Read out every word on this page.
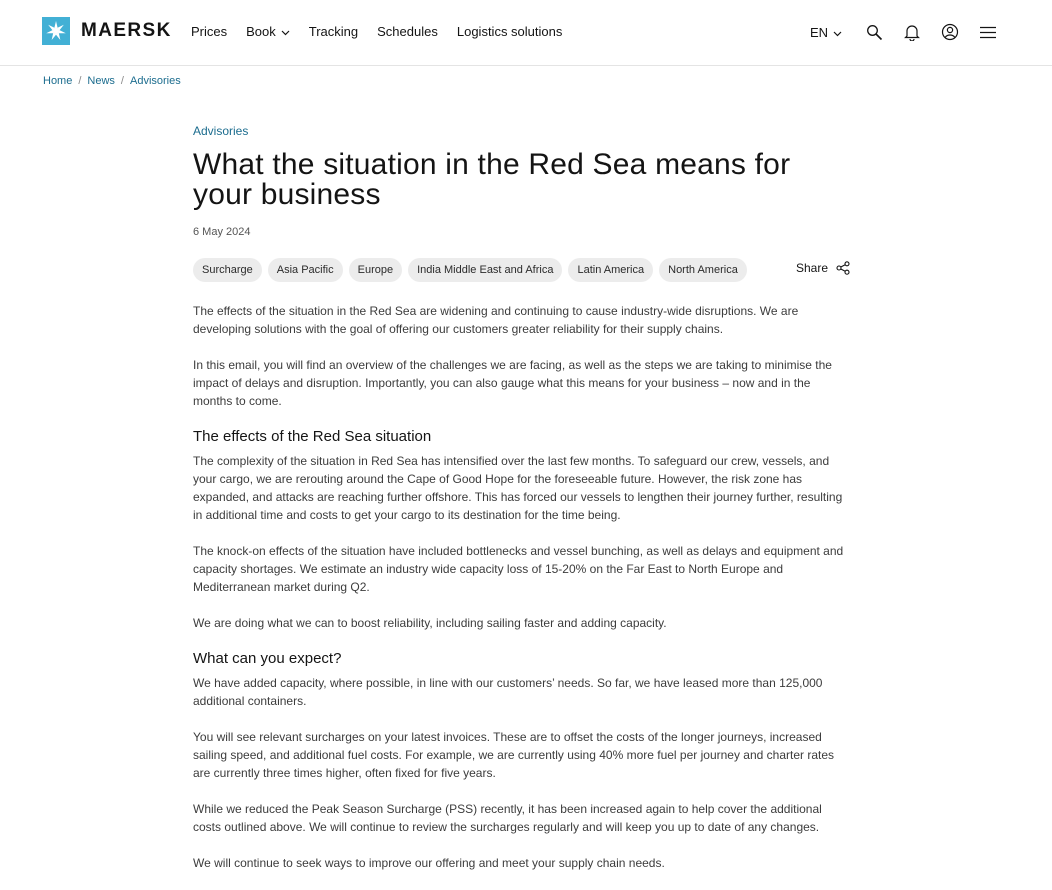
MAERSK Prices Book	Tracking Schedules Logistics solutions	EN
Home / News / Advisories
Advisories
What the situation in the Red Sea means for your business
6 May 2024
Surcharge	Asia Pacific	Europe	India Middle East and Africa	Latin America	North America	Share

The effects of the situation in the Red Sea are widening and continuing to cause industry-wide disruptions. We are developing solutions with the goal of offering our customers greater reliability for their supply chains.

In this email, you will find an overview of the challenges we are facing, as well as the steps we are taking to minimise the impact of delays and disruption. Importantly, you can also gauge what this means for your business – now and in the months to come.

The effects of the Red Sea situation

The complexity of the situation in Red Sea has intensified over the last few months. To safeguard our crew, vessels, and your cargo, we are rerouting around the Cape of Good Hope for the foreseeable future. However, the risk zone has expanded, and attacks are reaching further offshore. This has forced our vessels to lengthen their journey further, resulting in additional time and costs to get your cargo to its destination for the time being.

The knock-on effects of the situation have included bottlenecks and vessel bunching, as well as delays and equipment and capacity shortages. We estimate an industry wide capacity loss of 15-20% on the Far East to North Europe and Mediterranean market during Q2.

We are doing what we can to boost reliability, including sailing faster and adding capacity.

What can you expect?

We have added capacity, where possible, in line with our customers’ needs. So far, we have leased more than 125,000 additional containers.

You will see relevant surcharges on your latest invoices. These are to offset the costs of the longer journeys, increased sailing speed, and additional fuel costs. For example, we are currently using 40% more fuel per journey and charter rates are currently three times higher, often fixed for five years.

While we reduced the Peak Season Surcharge (PSS) recently, it has been increased again to help cover the additional costs outlined above. We will continue to review the surcharges regularly and will keep you up to date of any changes.

We will continue to seek ways to improve our offering and meet your supply chain needs.
